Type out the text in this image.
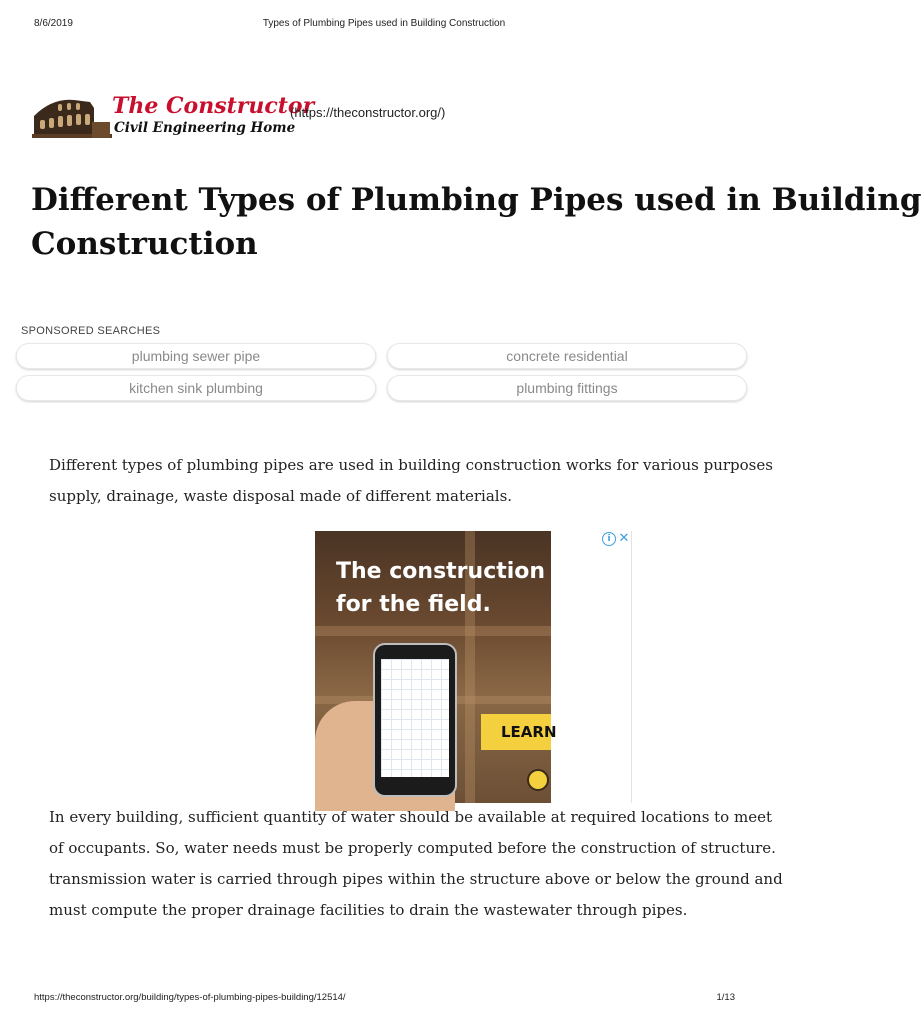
8/6/2019	Types of Plumbing Pipes used in Building Construction
The Constructor
Civil Engineering Home
(https://theconstructor.org/)
Different Types of Plumbing Pipes used in Building
Construction
SPONSORED SEARCHES
plumbing sewer pipe	concrete residential
kitchen sink plumbing	plumbing fittings

Different types of plumbing pipes are used in building construction works for various purposes
supply, drainage, waste disposal made of different materials.

The construction
for the field.

LEARN
i ✕

In every building, sufficient quantity of water should be available at required locations to meet
of occupants. So, water needs must be properly computed before the construction of structure.
transmission water is carried through pipes within the structure above or below the ground and
must compute the proper drainage facilities to drain the wastewater through pipes.

https://theconstructor.org/building/types-of-plumbing-pipes-building/12514/	1/13
